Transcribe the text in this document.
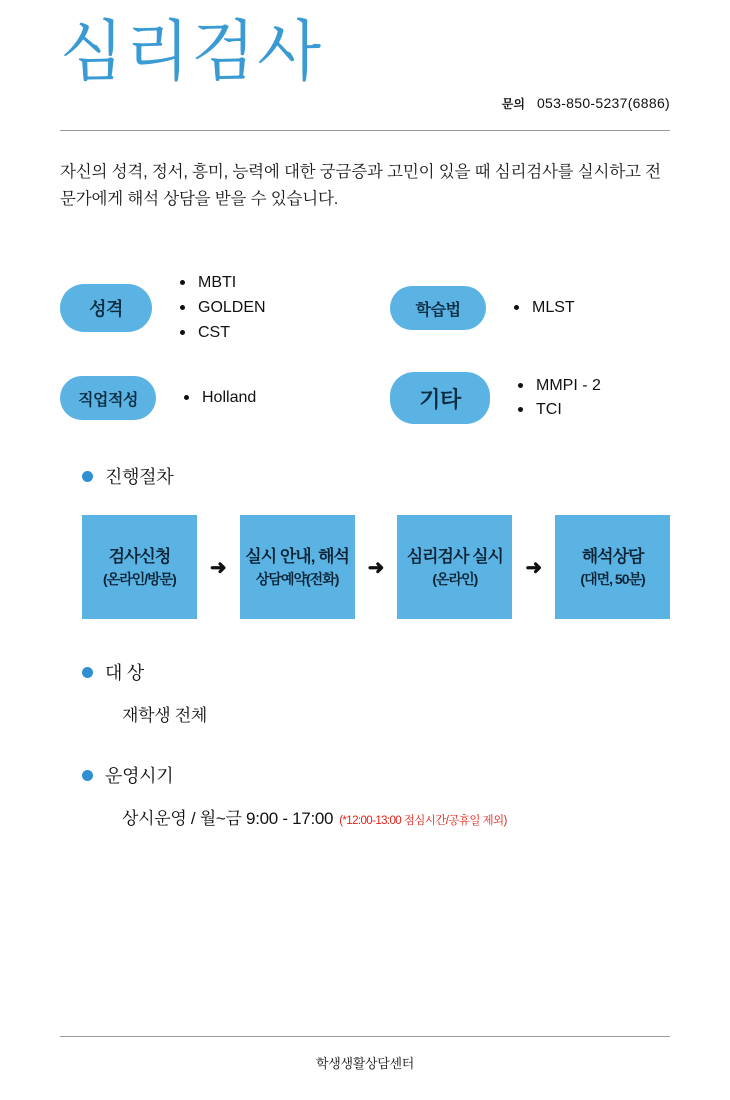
심리검사
문의 053-850-5237(6886)

자신의 성격, 정서, 흥미, 능력에 대한 궁금증과 고민이 있을 때 심리검사를 실시하고 전문가에게 해석 상담을 받을 수 있습니다.

성격
MBTI
GOLDEN
CST
학습법	MLST
직업적성	Holland	기타
MMPI - 2
TCI
진행절차
검사신청
(온라인/방문)
➜
실시 안내, 해석
상담예약(전화)
➜
심리검사 실시
(온라인)
➜
해석상담
(대면, 50분)
대 상
재학생 전체
운영시기
상시운영 / 월~금 9:00 - 17:00 (*12:00-13:00 점심시간/공휴일 제외)
학생생활상담센터
